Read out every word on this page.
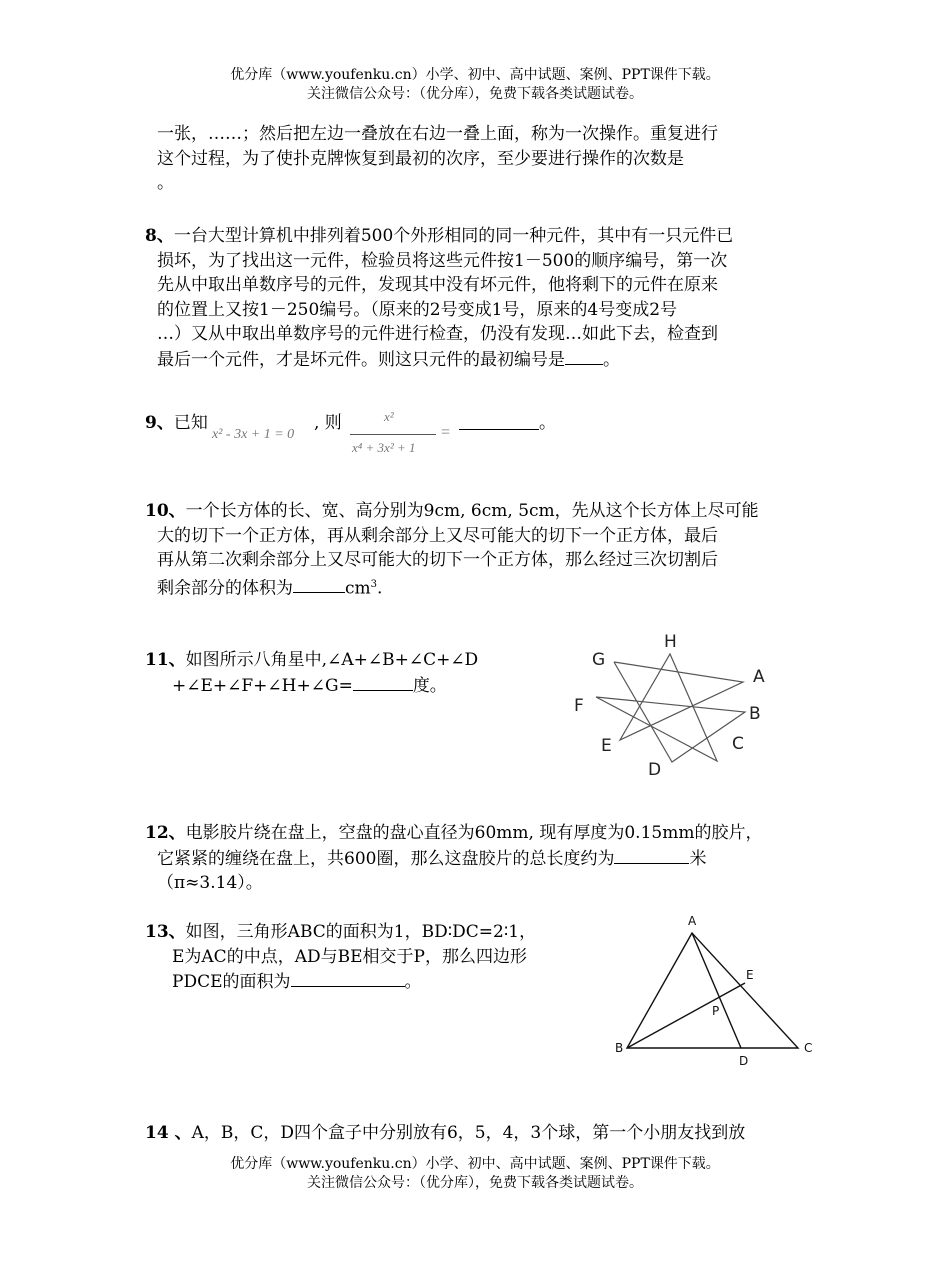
优分库（www.youfenku.cn）小学、初中、高中试题、案例、PPT课件下载。
关注微信公众号：（优分库），免费下载各类试题试卷。
一张，……；然后把左边一叠放在右边一叠上面，称为一次操作。重复进行
这个过程，为了使扑克牌恢复到最初的次序，至少要进行操作的次数是
。
8、一台大型计算机中排列着500个外形相同的同一种元件，其中有一只元件已
损坏，为了找出这一元件，检验员将这些元件按1－500的顺序编号，第一次
先从中取出单数序号的元件，发现其中没有坏元件，他将剩下的元件在原来
的位置上又按1－250编号。（原来的2号变成1号，原来的4号变成2号
…）又从中取出单数序号的元件进行检查，仍没有发现…如此下去，检查到
最后一个元件，才是坏元件。则这只元件的最初编号是 。
9、已知
x² - 3x + 1 = 0
, 则	x²
x⁴ + 3x² + 1
=	。
10、一个长方体的长、宽、高分别为9cm, 6cm, 5cm，先从这个长方体上尽可能
大的切下一个正方体，再从剩余部分上又尽可能大的切下一个正方体，最后
再从第二次剩余部分上又尽可能大的切下一个正方体，那么经过三次切割后
剩余部分的体积为	$cm^3$.
11、如图所示八角星中,∠A+∠B+∠C+∠D
+∠E+∠F+∠H+∠G=	度。	A
B
C
D
E
F
G
H
12、电影胶片绕在盘上，空盘的盘心直径为60mm, 现有厚度为0.15mm的胶片，
它紧紧的缠绕在盘上，共600圈，那么这盘胶片的总长度约为	米
（π≈3.14）。
13、如图，三角形ABC的面积为1，BD∶DC=2∶1，
E为AC的中点，AD与BE相交于P，那么四边形
PDCE的面积为	。
A
B	C
D
E
P
14 、A，B，C，D四个盒子中分别放有6，5，4，3个球，第一个小朋友找到放
优分库（www.youfenku.cn）小学、初中、高中试题、案例、PPT课件下载。
关注微信公众号：（优分库），免费下载各类试题试卷。
